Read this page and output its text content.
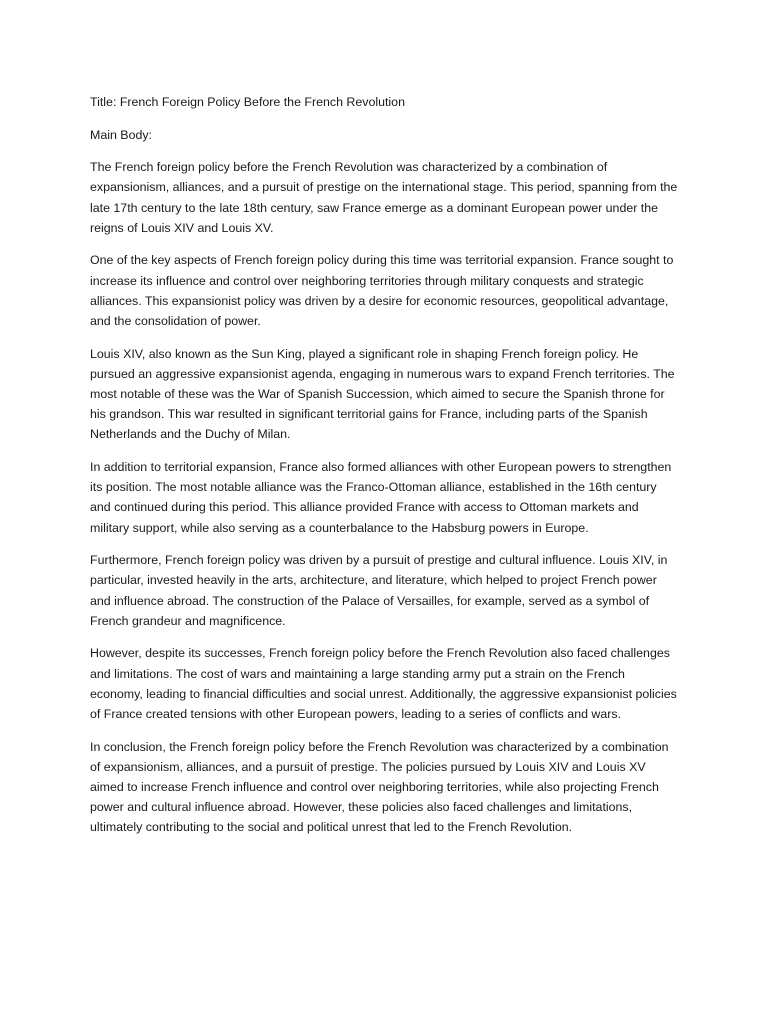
Title: French Foreign Policy Before the French Revolution

Main Body:

The French foreign policy before the French Revolution was characterized by a combination of expansionism, alliances, and a pursuit of prestige on the international stage. This period, spanning from the late 17th century to the late 18th century, saw France emerge as a dominant European power under the reigns of Louis XIV and Louis XV.

One of the key aspects of French foreign policy during this time was territorial expansion. France sought to increase its influence and control over neighboring territories through military conquests and strategic alliances. This expansionist policy was driven by a desire for economic resources, geopolitical advantage, and the consolidation of power.

Louis XIV, also known as the Sun King, played a significant role in shaping French foreign policy. He pursued an aggressive expansionist agenda, engaging in numerous wars to expand French territories. The most notable of these was the War of Spanish Succession, which aimed to secure the Spanish throne for his grandson. This war resulted in significant territorial gains for France, including parts of the Spanish Netherlands and the Duchy of Milan.

In addition to territorial expansion, France also formed alliances with other European powers to strengthen its position. The most notable alliance was the Franco-Ottoman alliance, established in the 16th century and continued during this period. This alliance provided France with access to Ottoman markets and military support, while also serving as a counterbalance to the Habsburg powers in Europe.

Furthermore, French foreign policy was driven by a pursuit of prestige and cultural influence. Louis XIV, in particular, invested heavily in the arts, architecture, and literature, which helped to project French power and influence abroad. The construction of the Palace of Versailles, for example, served as a symbol of French grandeur and magnificence.

However, despite its successes, French foreign policy before the French Revolution also faced challenges and limitations. The cost of wars and maintaining a large standing army put a strain on the French economy, leading to financial difficulties and social unrest. Additionally, the aggressive expansionist policies of France created tensions with other European powers, leading to a series of conflicts and wars.

In conclusion, the French foreign policy before the French Revolution was characterized by a combination of expansionism, alliances, and a pursuit of prestige. The policies pursued by Louis XIV and Louis XV aimed to increase French influence and control over neighboring territories, while also projecting French power and cultural influence abroad. However, these policies also faced challenges and limitations, ultimately contributing to the social and political unrest that led to the French Revolution.
